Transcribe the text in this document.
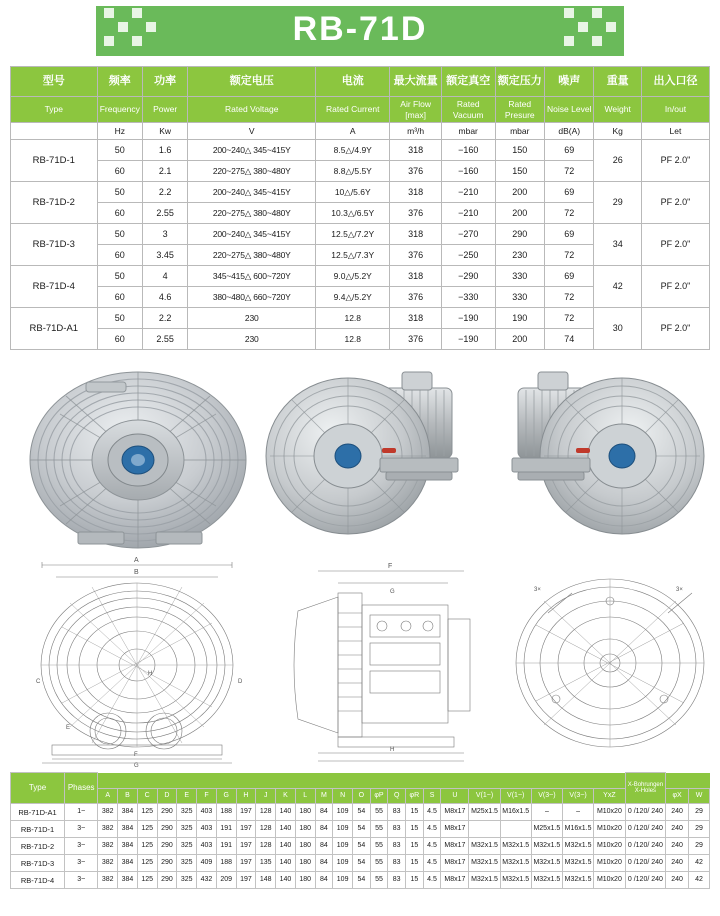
RB-71D
型号	频率	功率	额定电压	电流	最大流量	额定真空	额定压力	噪声	重量	出入口径
Type	Frequency	Power	Rated Voltage	Rated Current	Air Flow [max]	Rated Vacuum	Rated Presure	Noise Level	Weight	In/out
	Hz	Kw	V	A	m³/h	mbar	mbar	dB(A)	Kg	Let
RB-71D-1	50	1.6	200~240△ 345~415Y	8.5△/4.9Y	318	−160	150	69	26	PF 2.0"
	60	2.1	220~275△ 380~480Y	8.8△/5.5Y	376	−160	150	72		
RB-71D-2	50	2.2	200~240△ 345~415Y	10△/5.6Y	318	−210	200	69	29	PF 2.0"
	60	2.55	220~275△ 380~480Y	10.3△/6.5Y	376	−210	200	72		
RB-71D-3	50	3	200~240△ 345~415Y	12.5△/7.2Y	318	−270	290	69	34	PF 2.0"
	60	3.45	220~275△ 380~480Y	12.5△/7.3Y	376	−250	230	72		
RB-71D-4	50	4	345~415△ 600~720Y	9.0△/5.2Y	318	−290	330	69	42	PF 2.0"
	60	4.6	380~480△ 660~720Y	9.4△/5.2Y	376	−330	330	72		
RB-71D-A1	50	2.2	230	12.8	318	−190	190	72	30	PF 2.0"
	60	2.55	230	12.8	376	−190	200	74		
A
B
C	D
E
F
G
H
F
G
H
3×	3×
Type	Phases																									X-Bohrungen
X-Holes		

		A	B	C	D	E	F	G	H	J	K	L	M	N	O	φP	Q	φR	S	U	V(1~)	V(1~)	V(3~)	V(3~)	YxZ		φX	W
RB-71D-A1	1~	382	384	125	290	325	403	188	197	128	140	180	84	109	54	55	83	15	4.5	M8x17	M25x1.5	M16x1.5	–	–	M10x20	0 /120/ 240	240	29
RB-71D-1	3~	382	384	125	290	325	403	191	197	128	140	180	84	109	54	55	83	15	4.5	M8x17			M25x1.5	M16x1.5	M10x20	0 /120/ 240	240	29
RB-71D-2	3~	382	384	125	290	325	403	191	197	128	140	180	84	109	54	55	83	15	4.5	M8x17	M32x1.5	M32x1.5	M32x1.5	M32x1.5	M10x20	0 /120/ 240	240	29
RB-71D-3	3~	382	384	125	290	325	409	188	197	135	140	180	84	109	54	55	83	15	4.5	M8x17	M32x1.5	M32x1.5	M32x1.5	M32x1.5	M10x20	0 /120/ 240	240	42
RB-71D-4	3~	382	384	125	290	325	432	209	197	148	140	180	84	109	54	55	83	15	4.5	M8x17	M32x1.5	M32x1.5	M32x1.5	M32x1.5	M10x20	0 /120/ 240	240	42
